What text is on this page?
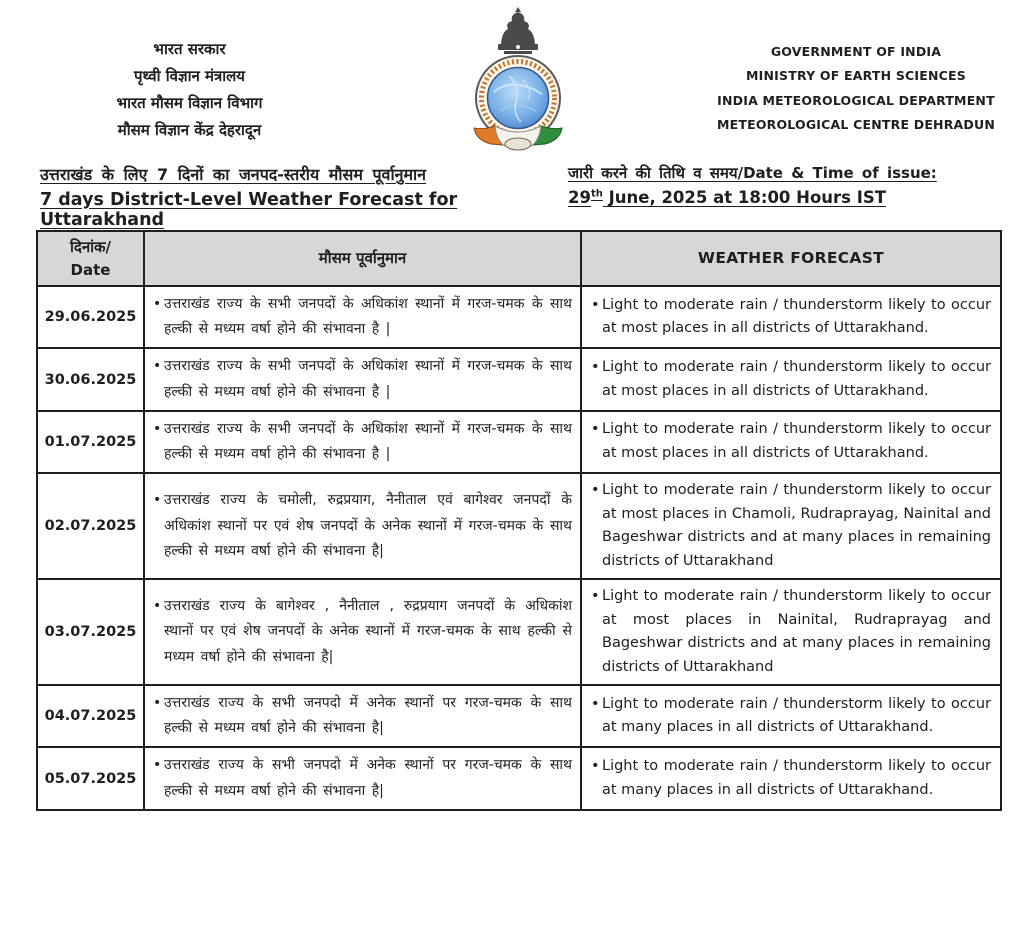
भारत सरकार
पृथ्वी विज्ञान मंत्रालय
भारत मौसम विज्ञान विभाग
मौसम विज्ञान केंद्र देहरादून
GOVERNMENT OF INDIA
MINISTRY OF EARTH SCIENCES
INDIA METEOROLOGICAL DEPARTMENT
METEOROLOGICAL CENTRE DEHRADUN
उत्तराखंड के लिए 7 दिनों का जनपद-स्तरीय मौसम पूर्वानुमान
7 days District-Level Weather Forecast for Uttarakhand
जारी करने की तिथि व समय/Date & Time of issue:
29th June, 2025 at 18:00 Hours IST
दिनांक/
Date	मौसम पूर्वानुमान	WEATHER FORECAST
29.06.2025	• उत्तराखंड राज्य के सभी जनपदों के अधिकांश स्थानों में गरज-चमक के साथ हल्की से मध्यम वर्षा होने की संभावना है |	• Light to moderate rain / thunderstorm likely to occur at most places in all districts of Uttarakhand.

30.06.2025	• उत्तराखंड राज्य के सभी जनपदों के अधिकांश स्थानों में गरज-चमक के साथ हल्की से मध्यम वर्षा होने की संभावना है |	• Light to moderate rain / thunderstorm likely to occur at most places in all districts of Uttarakhand.

01.07.2025	• उत्तराखंड राज्य के सभी जनपदों के अधिकांश स्थानों में गरज-चमक के साथ हल्की से मध्यम वर्षा होने की संभावना है |	• Light to moderate rain / thunderstorm likely to occur at most places in all districts of Uttarakhand.

02.07.2025	• उत्तराखंड राज्य के चमोली, रुद्रप्रयाग, नैनीताल एवं बागेश्वर जनपदों के अधिकांश स्थानों पर एवं शेष जनपदों के अनेक स्थानों में गरज-चमक के साथ हल्की से मध्यम वर्षा होने की संभावना है|	• Light to moderate rain / thunderstorm likely to occur at most places in Chamoli, Rudraprayag, Nainital and Bageshwar districts and at many places in remaining districts of Uttarakhand

03.07.2025	• उत्तराखंड राज्य के बागेश्वर , नैनीताल , रुद्रप्रयाग जनपदों के अधिकांश स्थानों पर एवं शेष जनपदों के अनेक स्थानों में गरज-चमक के साथ हल्की से मध्यम वर्षा होने की संभावना है|	• Light to moderate rain / thunderstorm likely to occur at most places in Nainital, Rudraprayag and Bageshwar districts and at many places in remaining districts of Uttarakhand

04.07.2025	• उत्तराखंड राज्य के सभी जनपदो में अनेक स्थानों पर गरज-चमक के साथ हल्की से मध्यम वर्षा होने की संभावना है|	• Light to moderate rain / thunderstorm likely to occur at many places in all districts of Uttarakhand.

05.07.2025	• उत्तराखंड राज्य के सभी जनपदो में अनेक स्थानों पर गरज-चमक के साथ हल्की से मध्यम वर्षा होने की संभावना है|	• Light to moderate rain / thunderstorm likely to occur at many places in all districts of Uttarakhand.
